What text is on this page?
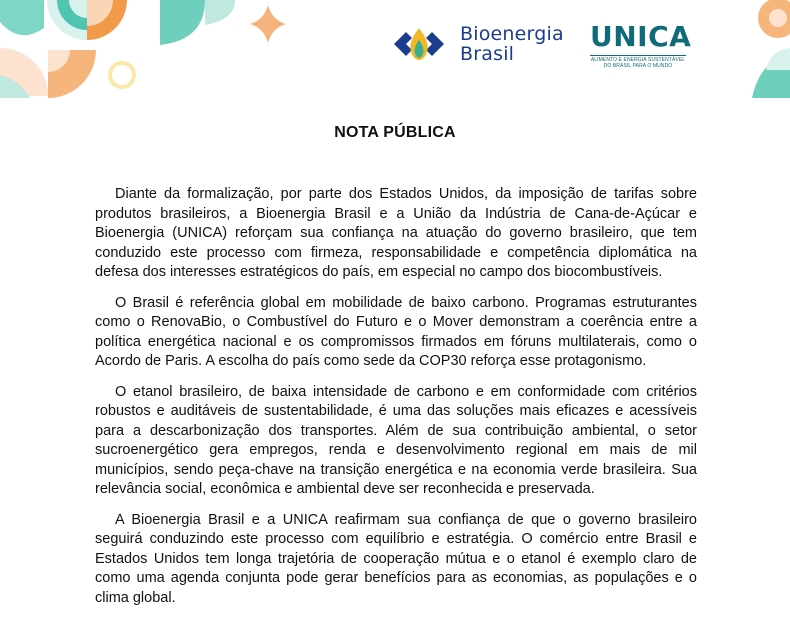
Bioenergia
Brasil
UNICA
ALIMENTO E ENERGIA SUSTENTÁVEL
DO BRASIL PARA O MUNDO
NOTA PÚBLICA

Diante da formalização, por parte dos Estados Unidos, da imposição de tarifas sobre produtos brasileiros, a Bioenergia Brasil e a União da Indústria de Cana-de-Açúcar e Bioenergia (UNICA) reforçam sua confiança na atuação do governo brasileiro, que tem conduzido este processo com firmeza, responsabilidade e competência diplomática na defesa dos interesses estratégicos do país, em especial no campo dos biocombustíveis.

O Brasil é referência global em mobilidade de baixo carbono. Programas estruturantes como o RenovaBio, o Combustível do Futuro e o Mover demonstram a coerência entre a política energética nacional e os compromissos firmados em fóruns multilaterais, como o Acordo de Paris. A escolha do país como sede da COP30 reforça esse protagonismo.

O etanol brasileiro, de baixa intensidade de carbono e em conformidade com critérios robustos e auditáveis de sustentabilidade, é uma das soluções mais eficazes e acessíveis para a descarbonização dos transportes. Além de sua contribuição ambiental, o setor sucroenergético gera empregos, renda e desenvolvimento regional em mais de mil municípios, sendo peça-chave na transição energética e na economia verde brasileira. Sua relevância social, econômica e ambiental deve ser reconhecida e preservada.

A Bioenergia Brasil e a UNICA reafirmam sua confiança de que o governo brasileiro seguirá conduzindo este processo com equilíbrio e estratégia. O comércio entre Brasil e Estados Unidos tem longa trajetória de cooperação mútua e o etanol é exemplo claro de como uma agenda conjunta pode gerar benefícios para as economias, as populações e o clima global.
